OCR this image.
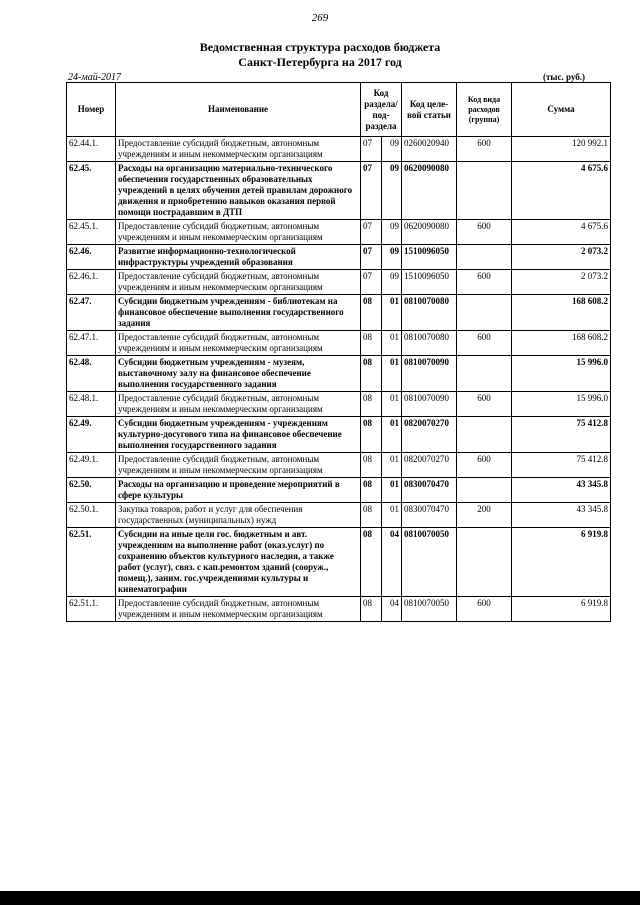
269
Ведомственная структура расходов бюджета
Санкт-Петербурга на 2017 год
24-май-2017	(тыс. руб.)
Номер	Наименование	Код раздела/ под-раздела		Код целе-вой статьи	Код вида расходов (группа)	Сумма
62.44.1.	Предоставление субсидий бюджетным, автономным учреждениям и иным некоммерческим организациям	07	09	0260020940	600	120 992.1
62.45.	Расходы на организацию материально-технического обеспечения государственных образовательных учреждений в целях обучения детей правилам дорожного движения и приобретению навыков оказания первой помощи пострадавшим в ДТП	07	09	0620090080		4 675.6
62.45.1.	Предоставление субсидий бюджетным, автономным учреждениям и иным некоммерческим организациям	07	09	0620090080	600	4 675.6
62.46.	Развитие информационно-технологической инфраструктуры учреждений образования	07	09	1510096050		2 073.2
62.46.1.	Предоставление субсидий бюджетным, автономным учреждениям и иным некоммерческим организациям	07	09	1510096050	600	2 073.2
62.47.	Субсидии бюджетным учреждениям - библиотекам на финансовое обеспечение выполнения государственного задания	08	01	0810070080		168 608.2
62.47.1.	Предоставление субсидий бюджетным, автономным учреждениям и иным некоммерческим организациям	08	01	0810070080	600	168 608.2
62.48.	Субсидии бюджетным учреждениям - музеям, выставочному залу на финансовое обеспечение выполнения государственного задания	08	01	0810070090		15 996.0
62.48.1.	Предоставление субсидий бюджетным, автономным учреждениям и иным некоммерческим организациям	08	01	0810070090	600	15 996.0
62.49.	Субсидии бюджетным учреждениям - учреждениям культурно-досугового типа на финансовое обеспечение выполнения государственного задания	08	01	0820070270		75 412.8
62.49.1.	Предоставление субсидий бюджетным, автономным учреждениям и иным некоммерческим организациям	08	01	0820070270	600	75 412.8
62.50.	Расходы на организацию и проведение мероприятий в сфере культуры	08	01	0830070470		43 345.8
62.50.1.	Закупка товаров, работ и услуг для обеспечения государственных (муниципальных) нужд	08	01	0830070470	200	43 345.8
62.51.	Субсидии на иные цели гос. бюджетным и авт. учреждениям на выполнение работ (оказ.услуг) по сохранению объектов культурного наследия, а также работ (услуг), связ. с кап.ремонтом зданий (сооруж., помещ.), заним. гос.учреждениями культуры и кинематографии	08	04	0810070050		6 919.8
62.51.1.	Предоставление субсидий бюджетным, автономным учреждениям и иным некоммерческим организациям	08	04	0810070050	600	6 919.8
